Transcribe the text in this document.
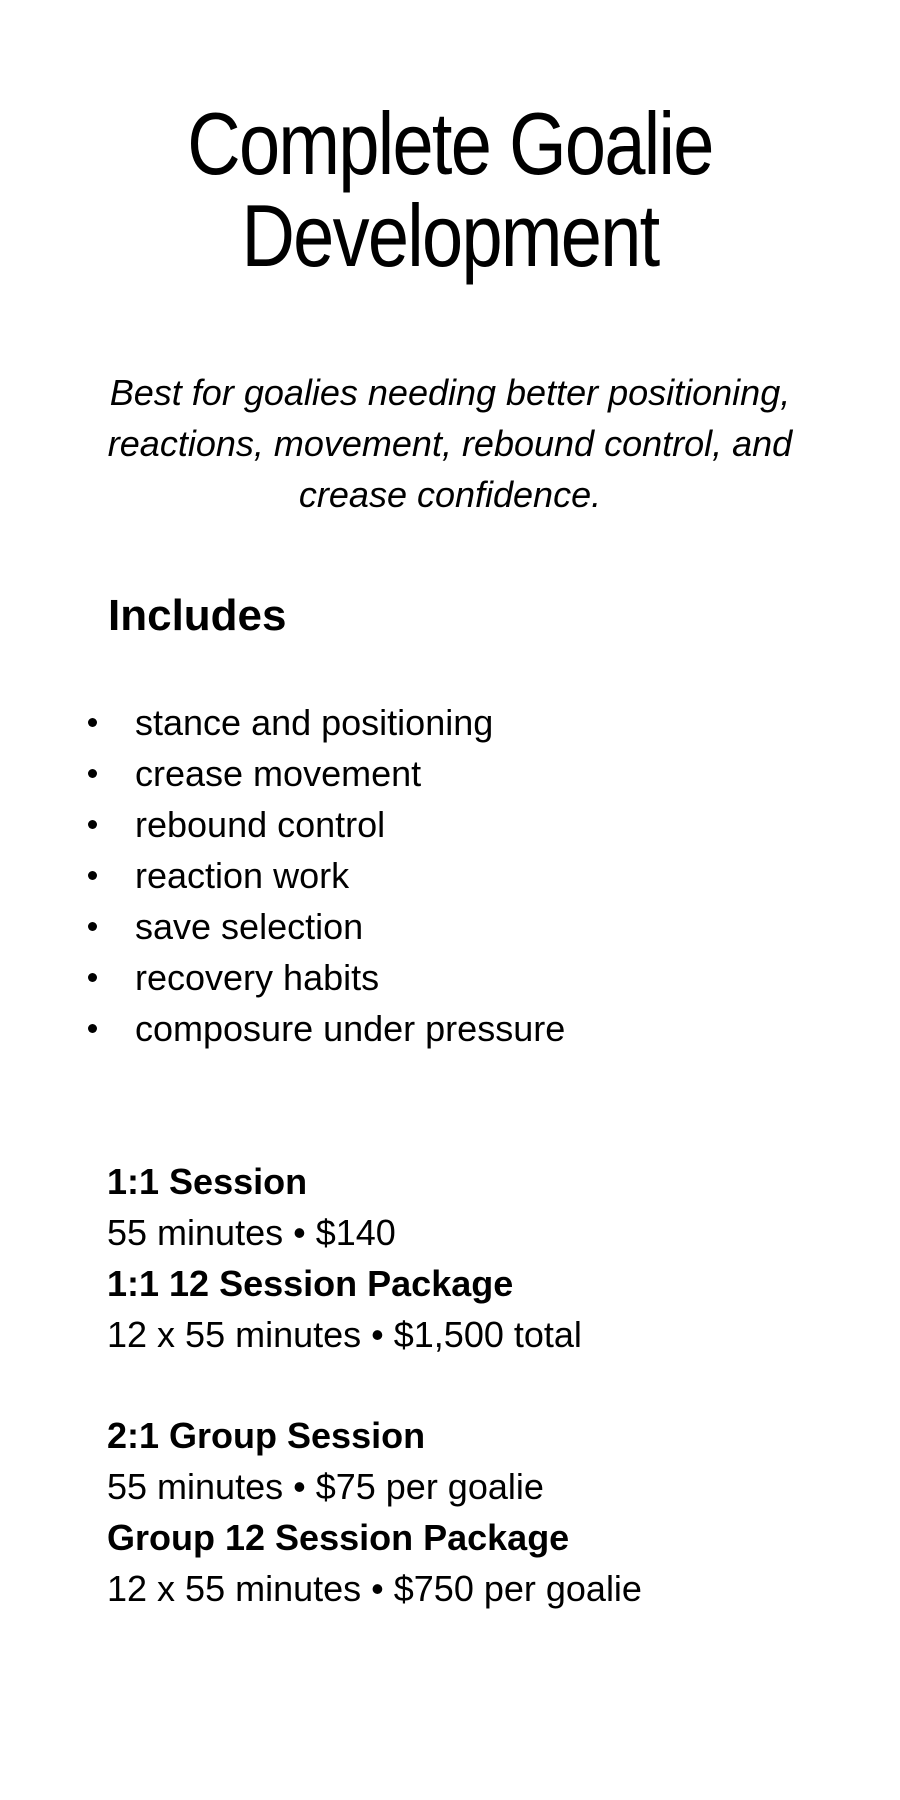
Complete Goalie
Development

Best for goalies needing better positioning, reactions, movement, rebound control, and crease confidence.

Includes
stance and positioning
crease movement
rebound control
reaction work
save selection
recovery habits
composure under pressure
1:1 Session
55 minutes • $140
1:1 12 Session Package
12 x 55 minutes • $1,500 total
2:1 Group Session
55 minutes • $75 per goalie
Group 12 Session Package
12 x 55 minutes • $750 per goalie
